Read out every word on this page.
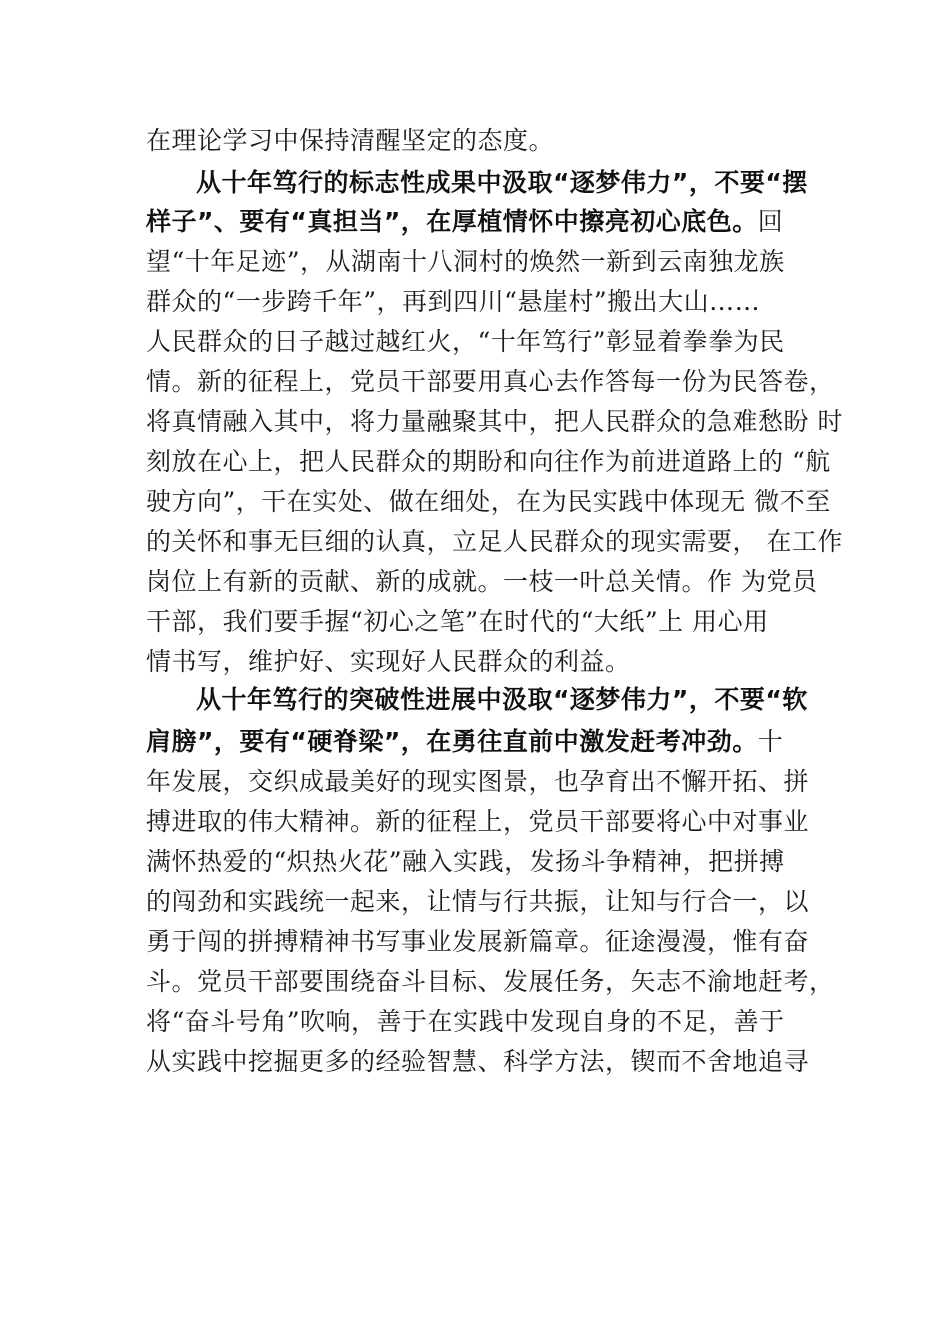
在理论学习中保持清醒坚定的态度。

从十年笃行的标志性成果中汲取“逐梦伟力”，不要“摆

样子”、要有“真担当”，在厚植情怀中擦亮初心底色。回

望“十年足迹”，从湖南十八洞村的焕然一新到云南独龙族

群众的“一步跨千年”，再到四川“悬崖村”搬出大山……

人民群众的日子越过越红火，“十年笃行”彰显着拳拳为民

情。新的征程上，党员干部要用真心去作答每一份为民答卷，

将真情融入其中，将力量融聚其中，把人民群众的急难愁盼 时

刻放在心上，把人民群众的期盼和向往作为前进道路上的 “航

驶方向”，干在实处、做在细处，在为民实践中体现无 微不至

的关怀和事无巨细的认真，立足人民群众的现实需要， 在工作

岗位上有新的贡献、新的成就。一枝一叶总关情。作 为党员

干部，我们要手握“初心之笔”在时代的“大纸”上 用心用

情书写，维护好、实现好人民群众的利益。

从十年笃行的突破性进展中汲取“逐梦伟力”，不要“软

肩膀”，要有“硬脊梁”，在勇往直前中激发赶考冲劲。十

年发展，交织成最美好的现实图景，也孕育出不懈开拓、拼

搏进取的伟大精神。新的征程上，党员干部要将心中对事业

满怀热爱的“炽热火花”融入实践，发扬斗争精神，把拼搏

的闯劲和实践统一起来，让情与行共振，让知与行合一，以

勇于闯的拼搏精神书写事业发展新篇章。征途漫漫，惟有奋

斗。党员干部要围绕奋斗目标、发展任务，矢志不渝地赶考，

将“奋斗号角”吹响，善于在实践中发现自身的不足，善于

从实践中挖掘更多的经验智慧、科学方法，锲而不舍地追寻
